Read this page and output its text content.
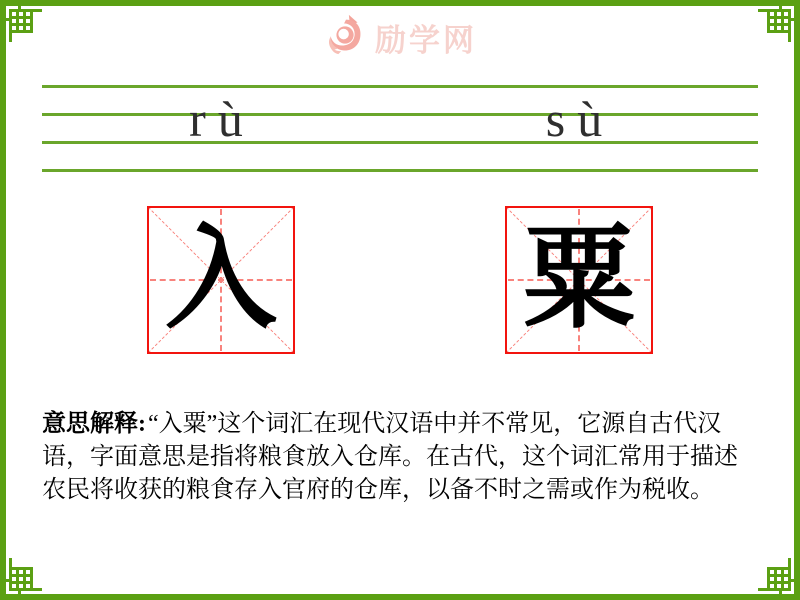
励学网
rù	sù
入 粟
意思解释:“入粟”这个词汇在现代汉语中并不常见，它源自古代汉
语，字面意思是指将粮食放入仓库。在古代，这个词汇常用于描述
农民将收获的粮食存入官府的仓库，以备不时之需或作为税收。
